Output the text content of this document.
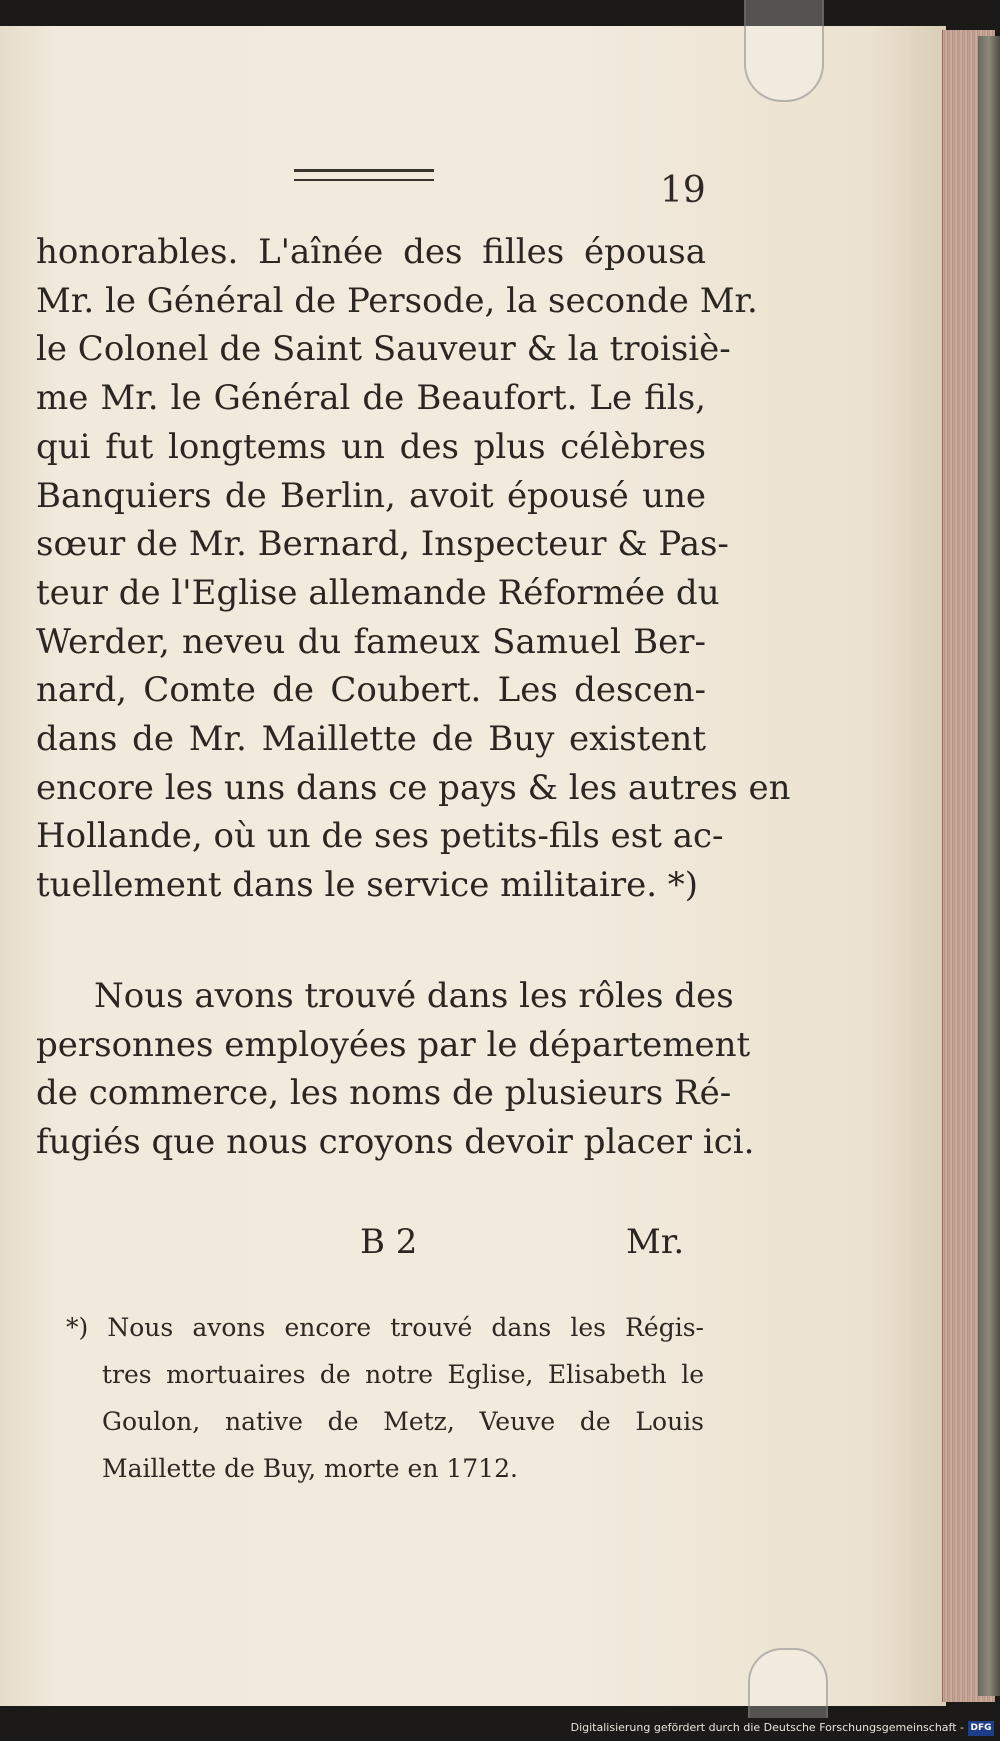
19

honorables. L'aînée des filles épousa
Mr. le Général de Persode, la seconde Mr.
le Colonel de Saint Sauveur & la troisiè-
me Mr. le Général de Beaufort. Le fils,
qui fut longtems un des plus célèbres
Banquiers de Berlin, avoit épousé une
sœur de Mr. Bernard, Inspecteur & Pas-
teur de l'Eglise allemande Réformée du
Werder, neveu du fameux Samuel Ber-
nard, Comte de Coubert. Les descen-
dans de Mr. Maillette de Buy existent
encore les uns dans ce pays & les autres en
Hollande, où un de ses petits-fils est ac-
tuellement dans le service militaire. *)

Nous avons trouvé dans les rôles des
personnes employées par le département
de commerce, les noms de plusieurs Ré-
fugiés que nous croyons devoir placer ici.

B 2	Mr.

*) Nous avons encore trouvé dans les Régis-
tres mortuaires de notre Eglise, Elisabeth le
Goulon, native de Metz, Veuve de Louis
Maillette de Buy, morte en 1712.

Digitalisierung gefördert durch die Deutsche Forschungsgemeinschaft - DFG
